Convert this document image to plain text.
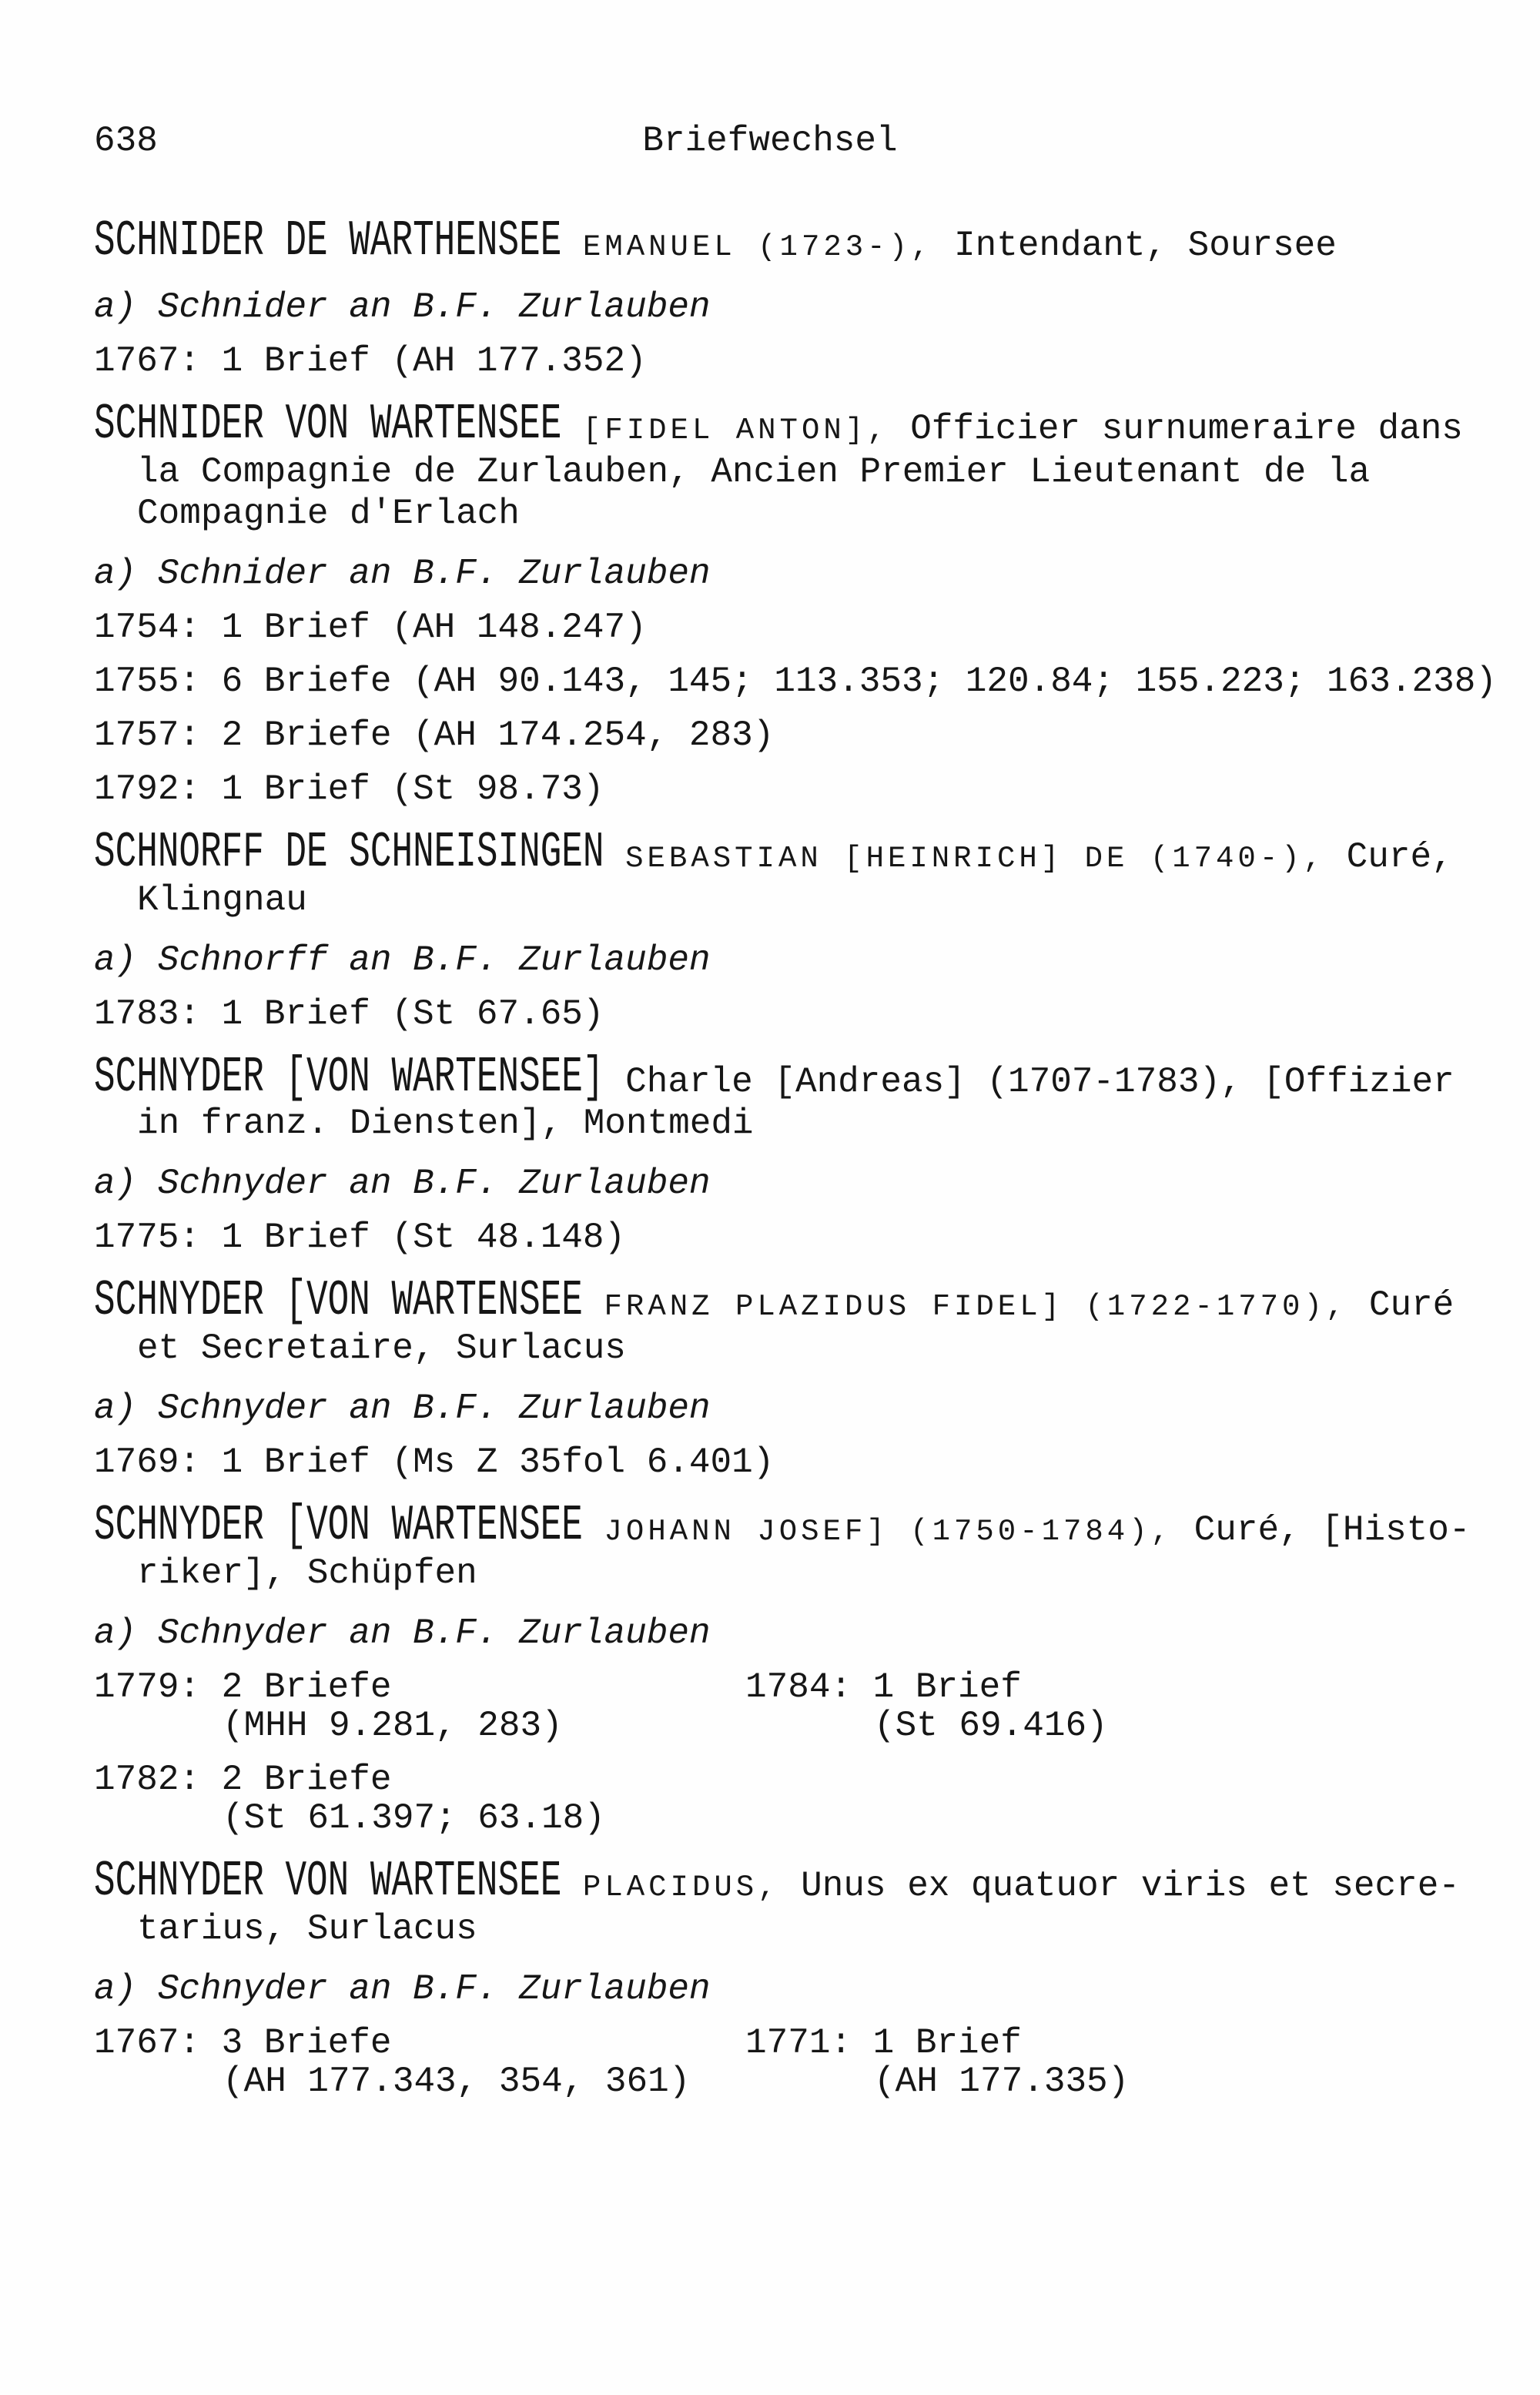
638	Briefwechsel
SCHNIDER DE WARTHENSEE EMANUEL (1723-), Intendant, Soursee
a) Schnider an B.F. Zurlauben
1767: 1 Brief (AH 177.352)
SCHNIDER VON WARTENSEE [FIDEL ANTON], Officier surnumeraire dans
la Compagnie de Zurlauben, Ancien Premier Lieutenant de la
Compagnie d'Erlach
a) Schnider an B.F. Zurlauben
1754: 1 Brief (AH 148.247)
1755: 6 Briefe (AH 90.143, 145; 113.353; 120.84; 155.223; 163.238)
1757: 2 Briefe (AH 174.254, 283)
1792: 1 Brief (St 98.73)
SCHNORFF DE SCHNEISINGEN SEBASTIAN [HEINRICH] DE (1740-), Curé,
Klingnau
a) Schnorff an B.F. Zurlauben
1783: 1 Brief (St 67.65)
SCHNYDER [VON WARTENSEE] Charle [Andreas] (1707-1783), [Offizier
in franz. Diensten], Montmedi
a) Schnyder an B.F. Zurlauben
1775: 1 Brief (St 48.148)
SCHNYDER [VON WARTENSEE FRANZ PLAZIDUS FIDEL] (1722-1770), Curé
et Secretaire, Surlacus
a) Schnyder an B.F. Zurlauben
1769: 1 Brief (Ms Z 35fol 6.401)
SCHNYDER [VON WARTENSEE JOHANN JOSEF] (1750-1784), Curé, [Histo-
riker], Schüpfen
a) Schnyder an B.F. Zurlauben
1779: 2 Briefe
(MHH 9.281, 283)
1782: 2 Briefe
(St 61.397; 63.18)
1784: 1 Brief
(St 69.416)
SCHNYDER VON WARTENSEE PLACIDUS, Unus ex quatuor viris et secre-
tarius, Surlacus
a) Schnyder an B.F. Zurlauben
1767: 3 Briefe
(AH 177.343, 354, 361)
1771: 1 Brief
(AH 177.335)
